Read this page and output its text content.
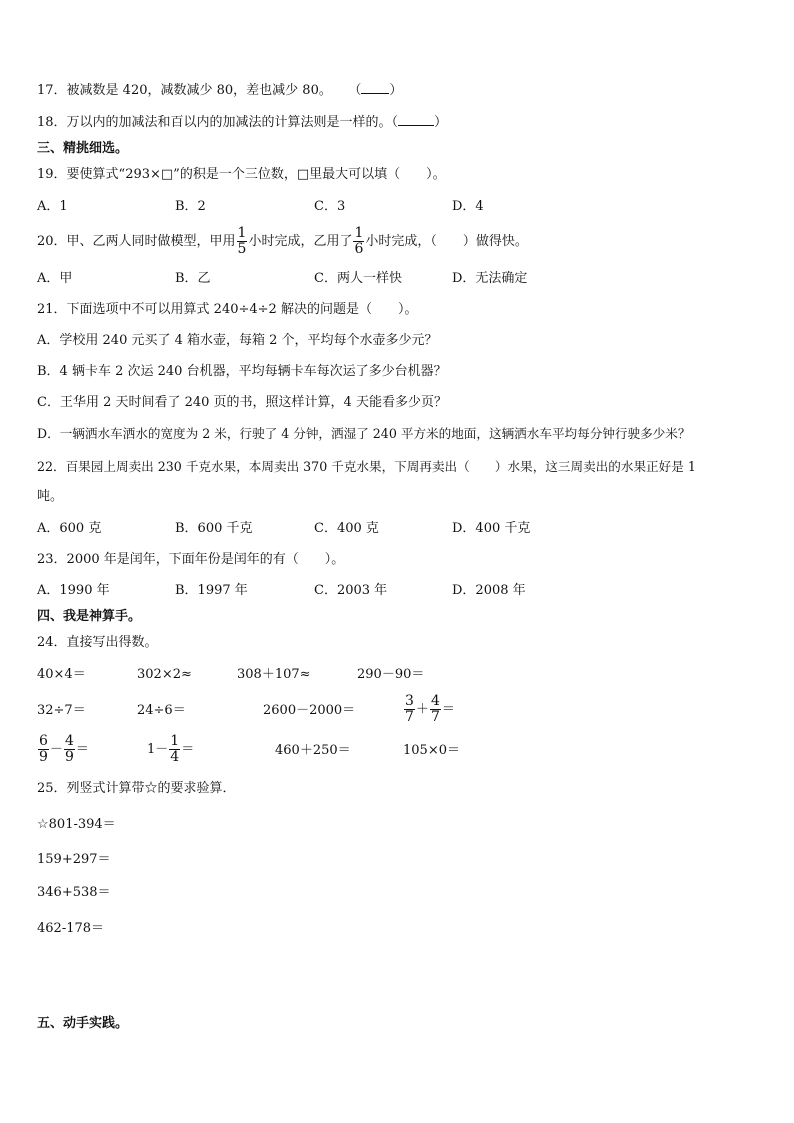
17．被减数是 420，减数减少 80，差也减少 80。 （ ）
18．万以内的加减法和百以内的加减法的计算法则是一样的。（	）
三、精挑细选。
19．要使算式“293×□”的积是一个三位数，□里最大可以填（　　）。
A．1	B．2	C．3	D．4
20．甲、乙两人同时做模型，甲用 $\frac{1}{5}$ 小时完成，乙用了 $\frac{1}{6}$ 小时完成，（　　）做得快。
A．甲	B．乙	C．两人一样快	D．无法确定
21．下面选项中不可以用算式 240÷4÷2 解决的问题是（　　）。
A．学校用 240 元买了 4 箱水壶，每箱 2 个，平均每个水壶多少元？
B．4 辆卡车 2 次运 240 台机器，平均每辆卡车每次运了多少台机器？
C．王华用 2 天时间看了 240 页的书，照这样计算，4 天能看多少页？
D．一辆洒水车洒水的宽度为 2 米，行驶了 4 分钟，洒湿了 240 平方米的地面，这辆洒水车平均每分钟行驶多少米？
22．百果园上周卖出 230 千克水果，本周卖出 370 千克水果，下周再卖出（　　）水果，这三周卖出的水果正好是 1
吨。
A．600 克	B．600 千克	C．400 克	D．400 千克
23．2000 年是闰年，下面年份是闰年的有（　　）。
A．1990 年	B．1997 年	C．2003 年	D．2008 年
四、我是神算手。
24．直接写出得数。
40×4＝	302×2≈	308＋107≈	290－90＝
32÷7＝	24÷6＝	2600－2000＝	$\frac{3}{7} + \frac{4}{7}$ ＝
$\frac{6}{9} - \frac{4}{9}$ ＝	$1- \frac{1}{4}$ ＝	460＋250＝	105×0＝
25．列竖式计算带☆的要求验算．
☆801-394＝
159+297＝
346+538＝
462-178＝
五、动手实践。
